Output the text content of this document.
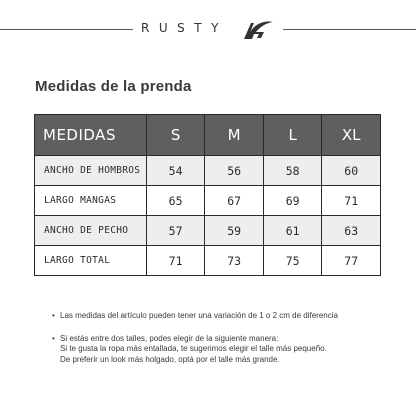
RUSTY
Medidas de la prenda
MEDIDAS	S	M	L	XL
ANCHO DE HOMBROS	54	56	58	60
LARGO MANGAS	65	67	69	71
ANCHO DE PECHO	57	59	61	63
LARGO TOTAL	71	73	75	77
• Las medidas del artículo pueden tener una variación de 1 o 2 cm de diferencia
• Si estás entre dos talles, podes elegir de la siguiente manera:
Si te gusta la ropa más entallada, te sugerimos elegir el talle más pequeño.
De preferir un look más holgado, optá por el talle más grande.
